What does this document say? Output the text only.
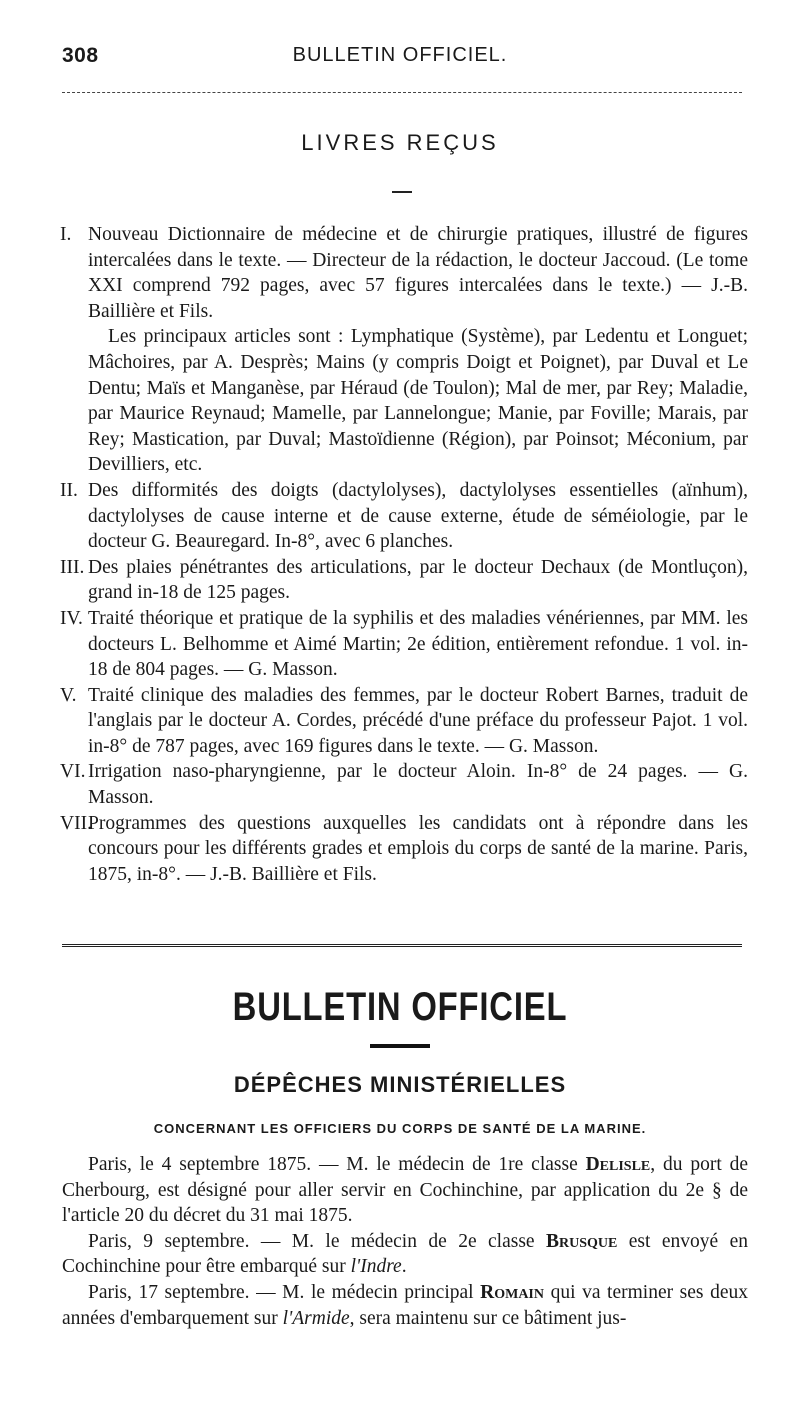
308	BULLETIN OFFICIEL.
LIVRES REÇUS
I. Nouveau Dictionnaire de médecine et de chirurgie pratiques, illustré de figures intercalées dans le texte. — Directeur de la rédaction, le docteur Jaccoud. (Le tome XXI comprend 792 pages, avec 57 figures intercalées dans le texte.) — J.-B. Baillière et Fils.
Les principaux articles sont : Lymphatique (Système), par Ledentu et Longuet; Mâchoires, par A. Desprès; Mains (y compris Doigt et Poignet), par Duval et Le Dentu; Maïs et Manganèse, par Héraud (de Toulon); Mal de mer, par Rey; Maladie, par Maurice Reynaud; Mamelle, par Lannelongue; Manie, par Foville; Marais, par Rey; Mastication, par Duval; Mastoïdienne (Région), par Poinsot; Méconium, par Devilliers, etc.
II. Des difformités des doigts (dactylolyses), dactylolyses essentielles (aïnhum), dactylolyses de cause interne et de cause externe, étude de séméiologie, par le docteur G. Beauregard. In-8°, avec 6 planches.
III. Des plaies pénétrantes des articulations, par le docteur Dechaux (de Montluçon), grand in-18 de 125 pages.
IV. Traité théorique et pratique de la syphilis et des maladies vénériennes, par MM. les docteurs L. Belhomme et Aimé Martin; 2e édition, entièrement refondue. 1 vol. in-18 de 804 pages. — G. Masson.
V. Traité clinique des maladies des femmes, par le docteur Robert Barnes, traduit de l'anglais par le docteur A. Cordes, précédé d'une préface du professeur Pajot. 1 vol. in-8° de 787 pages, avec 169 figures dans le texte. — G. Masson.
VI. Irrigation naso-pharyngienne, par le docteur Aloin. In-8° de 24 pages. — G. Masson.
VII.
Programmes des questions auxquelles les candidats ont à répondre dans les concours pour les différents grades et emplois du corps de santé de la marine. Paris, 1875, in-8°. — J.-B. Baillière et Fils.
BULLETIN OFFICIEL
DÉPÊCHES MINISTÉRIELLES
CONCERNANT LES OFFICIERS DU CORPS DE SANTÉ DE LA MARINE.
Paris, le 4 septembre 1875. — M. le médecin de 1re classe Delisle, du port de Cherbourg, est désigné pour aller servir en Cochinchine, par application du 2e § de l'article 20 du décret du 31 mai 1875.
Paris, 9 septembre. — M. le médecin de 2e classe Brusque est envoyé en Cochinchine pour être embarqué sur l'Indre.
Paris, 17 septembre. — M. le médecin principal Romain qui va terminer ses deux années d'embarquement sur l'Armide, sera maintenu sur ce bâtiment jus-
